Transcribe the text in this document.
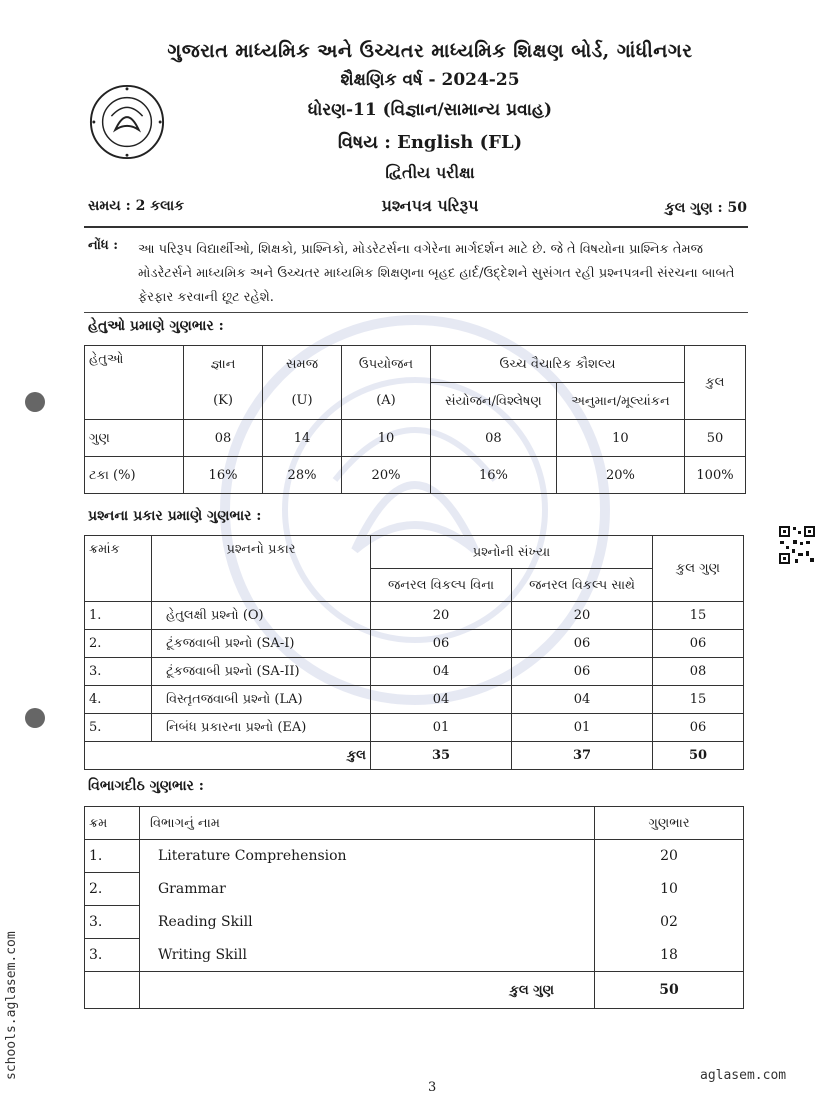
ગુજરાત માધ્યમિક અને ઉચ્ચતર માધ્યમિક શિક્ષણ બોર્ડ, ગાંધીનગર
શૈક્ષણિક વર્ષ - 2024-25
ધોરણ-11 (વિજ્ઞાન/સામાન્ય પ્રવાહ)
વિષય : English (FL)
દ્વિતીય પરીક્ષા
સમય : 2 કલાક	પ્રશ્નપત્ર પરિરૂપ	કુલ ગુણ : 50
નોંધ : આ પરિરૂપ વિદ્યાર્થીઓ, શિક્ષકો, પ્રાશ્નિકો, મોડરેટર્સના વગેરેના માર્ગદર્શન માટે છે. જે તે વિષયોના પ્રાશ્નિક તેમજ મોડરેટર્સને માધ્યમિક અને ઉચ્ચતર માધ્યમિક શિક્ષણના બૃહદ હાર્દ/ઉદ્દેશને સુસંગત રહી પ્રશ્નપત્રની સંરચના બાબતે ફેરફાર કરવાની છૂટ રહેશે.
હેતુઓ પ્રમાણે ગુણભાર :
હેતુઓ	જ્ઞાન	સમજ	ઉપયોજન	ઉચ્ચ વૈચારિક કૌશલ્ય		કુલ
	(K)	(U)	(A)	સંયોજન/વિશ્લેષણ	અનુમાન/મૂલ્યાંકન	
ગુણ	08	14	10	08	10	50
ટકા (%)	16%	28%	20%	16%	20%	100%
પ્રશ્નના પ્રકાર પ્રમાણે ગુણભાર :
ક્રમાંક	પ્રશ્નનો પ્રકાર	પ્રશ્નોની સંખ્યા		કુલ ગુણ
		જનરલ વિકલ્પ વિના	જનરલ વિકલ્પ સાથે	
1.	હેતુલક્ષી પ્રશ્નો (O)	20	20	15
2.	ટૂંકજવાબી પ્રશ્નો (SA-I)	06	06	06
3.	ટૂંકજવાબી પ્રશ્નો (SA-II)	04	06	08
4.	વિસ્તૃતજવાબી પ્રશ્નો (LA)	04	04	15
5.	નિબંધ પ્રકારના પ્રશ્નો (EA)	01	01	06
	કુલ	35	37	50
વિભાગદીઠ ગુણભાર :
ક્રમ	વિભાગનું નામ	ગુણભાર
1.	Literature Comprehension	20
2.	Grammar	10
3.	Reading Skill	02
3.	Writing Skill	18
	કુલ ગુણ	50
schools.aglasem.com	aglasem.com
3
